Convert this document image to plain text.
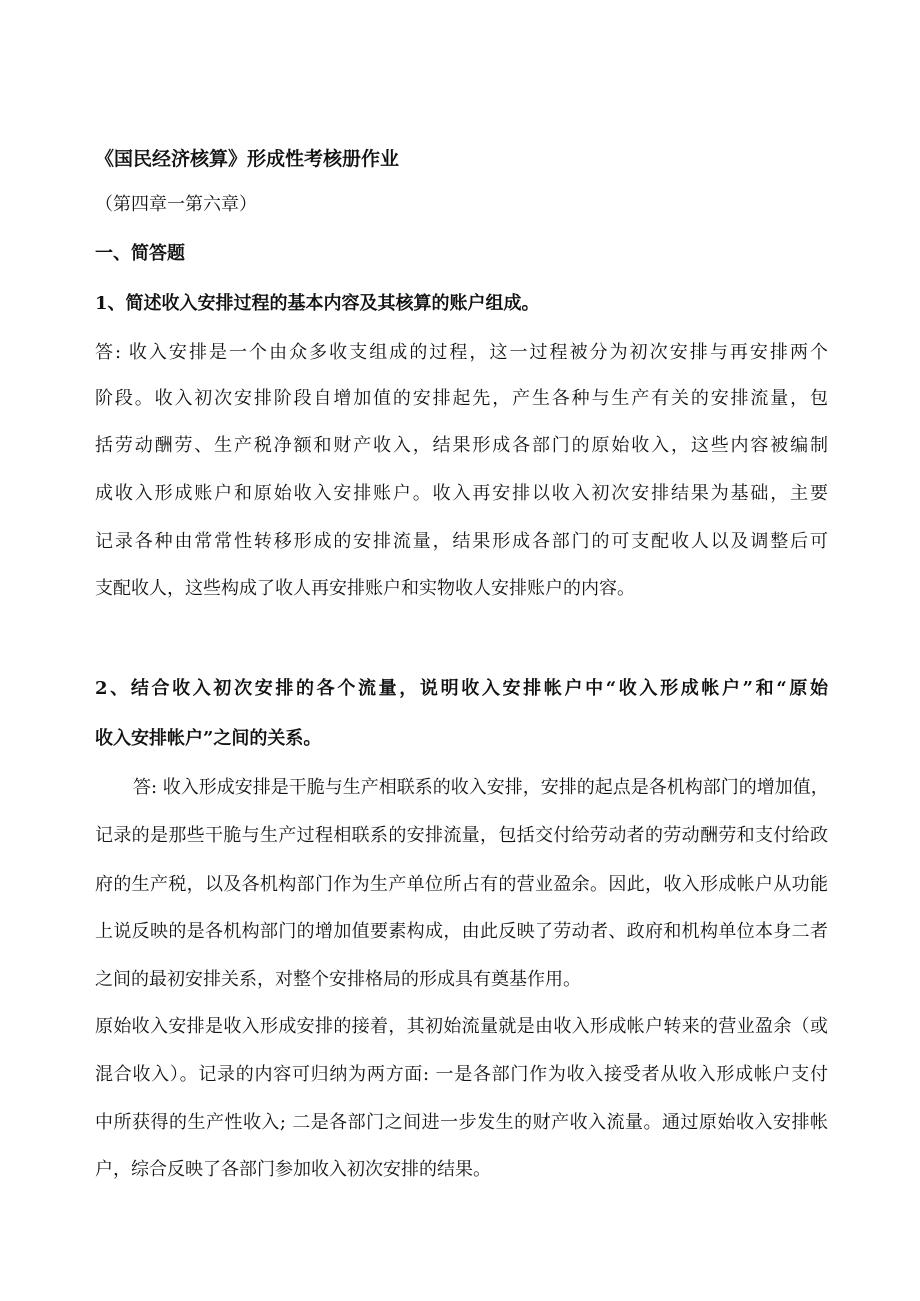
《国民经济核算》形成性考核册作业
（第四章一第六章）
一、简答题
1、简述收入安排过程的基本内容及其核算的账户组成。
答: 收入安排是一个由众多收支组成的过程，这一过程被分为初次安排与再安排两个
阶段。收入初次安排阶段自增加值的安排起先，产生各种与生产有关的安排流量，包
括劳动酬劳、生产税净额和财产收入，结果形成各部门的原始收入，这些内容被编制
成收入形成账户和原始收入安排账户。收入再安排以收入初次安排结果为基础，主要
记录各种由常常性转移形成的安排流量，结果形成各部门的可支配收人以及调整后可
支配收人，这些构成了收人再安排账户和实物收人安排账户的内容。
2、结合收入初次安排的各个流量，说明收入安排帐户中“收入形成帐户”和“原始
收入安排帐户”之间的关系。
答: 收入形成安排是干脆与生产相联系的收入安排，安排的起点是各机构部门的增加值，
记录的是那些干脆与生产过程相联系的安排流量，包括交付给劳动者的劳动酬劳和支付给政
府的生产税，以及各机构部门作为生产单位所占有的营业盈余。因此，收入形成帐户从功能
上说反映的是各机构部门的增加值要素构成，由此反映了劳动者、政府和机构单位本身二者
之间的最初安排关系，对整个安排格局的形成具有奠基作用。
原始收入安排是收入形成安排的接着，其初始流量就是由收入形成帐户转来的营业盈余（或
混合收入）。记录的内容可归纳为两方面: 一是各部门作为收入接受者从收入形成帐户支付
中所获得的生产性收入; 二是各部门之间进一步发生的财产收入流量。通过原始收入安排帐
户，综合反映了各部门参加收入初次安排的结果。
